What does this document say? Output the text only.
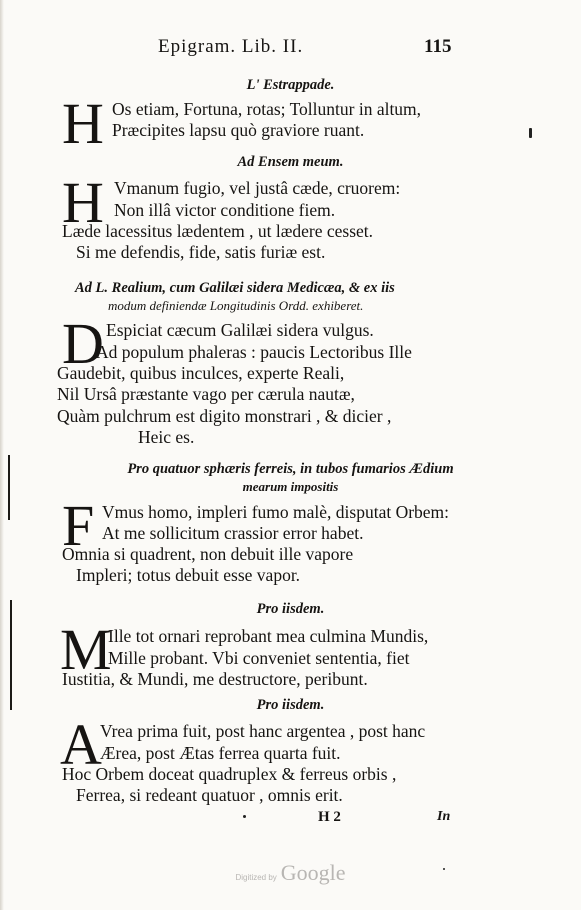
Epigram. Lib. II.	115
L' Estrappade.
H Os etiam, Fortuna, rotas; Tolluntur in altum,
Præcipites lapsu quò graviore ruant.
Ad Ensem meum.
H Vmanum fugio, vel justâ cæde, cruorem:
Non illâ victor conditione fiem.
Læde lacessitus lædentem , ut lædere cesset.
Si me defendis, fide, satis furiæ est.
Ad L. Realium, cum Galilæi sidera Medicæa, & ex iis
modum definiendæ Longitudinis Ordd. exhiberet.
D Espiciat cæcum Galilæi sidera vulgus.
Ad populum phaleras : paucis Lectoribus Ille
Gaudebit, quibus inculces, experte Reali,
Nil Ursâ præstante vago per cærula nautæ,
Quàm pulchrum est digito monstrari , & dicier ,
Heic es.
Pro quatuor sphæris ferreis, in tubos fumarios Ædium
mearum impositis
F Vmus homo, impleri fumo malè, disputat Orbem:
At me sollicitum crassior error habet.
Omnia si quadrent, non debuit ille vapore
Impleri; totus debuit esse vapor.
Pro iisdem.
M
Ille tot ornari reprobant mea culmina Mundis,
Mille probant. Vbi conveniet sententia, fiet
Iustitia, & Mundi, me destructore, peribunt.
Pro iisdem.
A
Vrea prima fuit, post hanc argentea , post hanc
Ærea, post Ætas ferrea quarta fuit.
Hoc Orbem doceat quadruplex & ferreus orbis ,
Ferrea, si redeant quatuor , omnis erit.
H 2	In
Digitized by Google
